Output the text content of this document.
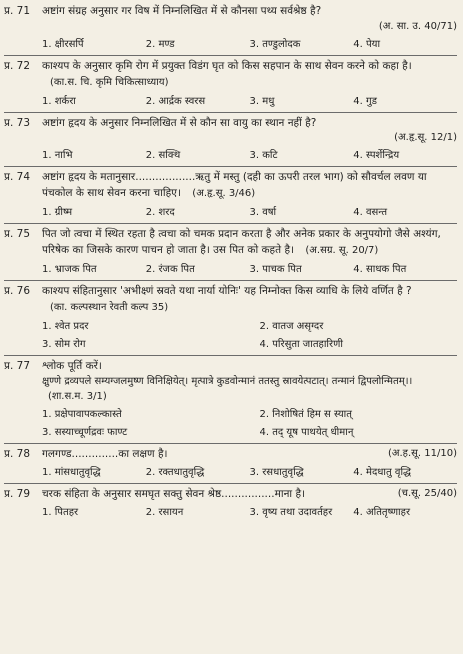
प्र. 71	अष्टांग संग्रह अनुसार गर विष में निम्नलिखित में से कौनसा पथ्य सर्वश्रेष्ठ है?
(अ. सा. उ. 40/71)
1. क्षीरसर्पि	2. मण्ड	3. तण्डुलोदक	4. पेया
प्र. 72	काश्यप के अनुसार कृमि रोग में प्रयुक्त विडंग घृत को किस सहपान के साथ सेवन करने को कहा है। (का.स. चि. कृमि चिकित्साध्याय)
1. शर्करा	2. आर्द्रक स्वरस	3. मधु	4. गुड
प्र. 73	अष्टांग हृदय के अनुसार निम्नलिखित में से कौन सा वायु का स्थान नहीं है?
(अ.हृ.सू. 12/1)
1. नाभि	2. सक्थि	3. कटि	4. स्पर्शेन्द्रिय
प्र. 74	अष्टांग हृदय के मतानुसार..................ऋतु में मस्तु (दही का ऊपरी तरल भाग) को सौवर्चल लवण या पंचकोल के साथ सेवन करना चाहिए। (अ.हृ.सू. 3/46)
1. ग्रीष्म	2. शरद	3. वर्षा	4. वसन्त
प्र. 75	पित जो त्वचा में स्थित रहता है त्वचा को चमक प्रदान करता है और अनेक प्रकार के अनुपयोगो जैसे अश्यंग, परिषेक का जिसके कारण पाचन हो जाता है। उस पित को कहते है। (अ.सग्र. सू. 20/7)
1. भ्राजक पित	2. रंजक पित	3. पाचक पित	4. साधक पित
प्र. 76	काश्यप संहितानुसार 'अभीक्ष्णं स्रवते यथा नार्या योनिः' यह निम्नोक्त किस व्याधि के लिये वर्णित है ? (का. कल्पस्थान रेवती कल्प 35)
1. श्वेत प्रदर	2. वातज असृग्दर
3. सोम रोग	4. परिसुता जातहारिणी
प्र. 77	श्लोक पूर्ति करें।
क्षुण्णे द्रव्यपले सम्यग्जलमुष्ण विनिक्षियेत्। मृत्पात्रे कुडवोन्मानं ततस्तु स्रावयेत्पटात्। तन्मानं द्विपलोन्मितम्।। (शा.स.म. 3/1)
1. प्रक्षेपावापकल्कास्ते	2. निशोषितं हिम स स्यात्
3. सस्याच्चूर्णद्रवः फाण्ट	4. तद् यूष पाथयेत् धीमान्
प्र. 78	गलगण्ड..............का लक्षण है।	(अ.ह.सू. 11/10)
1. मांसधातुवृद्धि	2. रक्तधातुवृद्धि	3. रसधातुवृद्धि	4. मेदधातु वृद्धि
प्र. 79	चरक संहिता के अनुसार समघृत सक्तु सेवन श्रेष्ठ................माना है।	(च.सू. 25/40)
1. पितहर	2. रसायन	3. वृष्य तथा उदावर्तहर	4. अतितृष्णाहर
